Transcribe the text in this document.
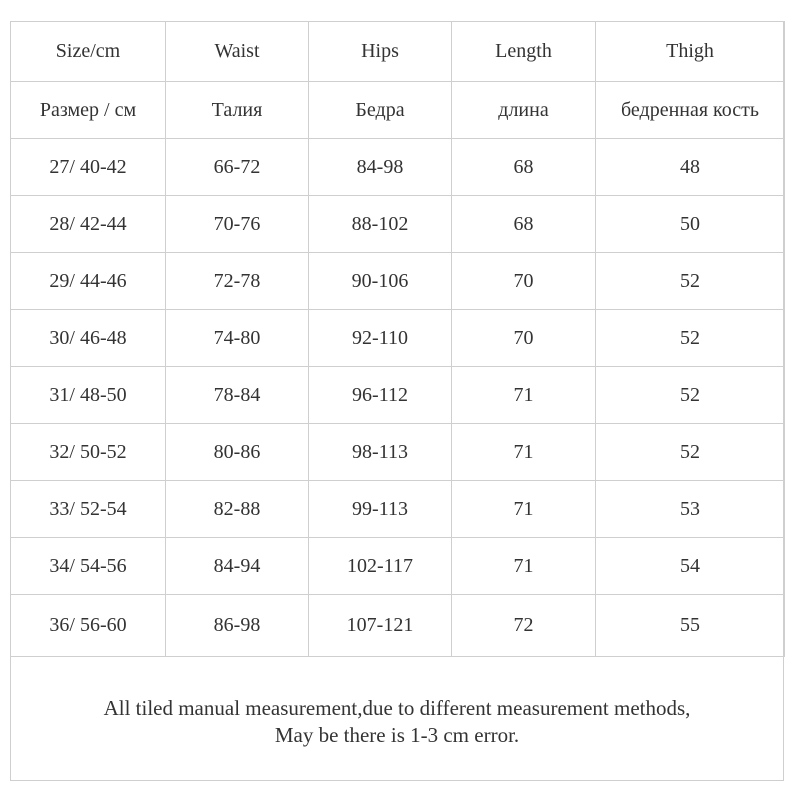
Size/cm	Waist	Hips	Length	Thigh
Размер / см	Талия	Бедра	длина	бедренная кость
27/ 40-42	66-72	84-98	68	48
28/ 42-44	70-76	88-102	68	50
29/ 44-46	72-78	90-106	70	52
30/ 46-48	74-80	92-110	70	52
31/ 48-50	78-84	96-112	71	52
32/ 50-52	80-86	98-113	71	52
33/ 52-54	82-88	99-113	71	53
34/ 54-56	84-94	102-117	71	54
36/ 56-60	86-98	107-121	72	55
All tiled manual measurement,due to different measurement methods,
May be there is 1-3 cm error.
